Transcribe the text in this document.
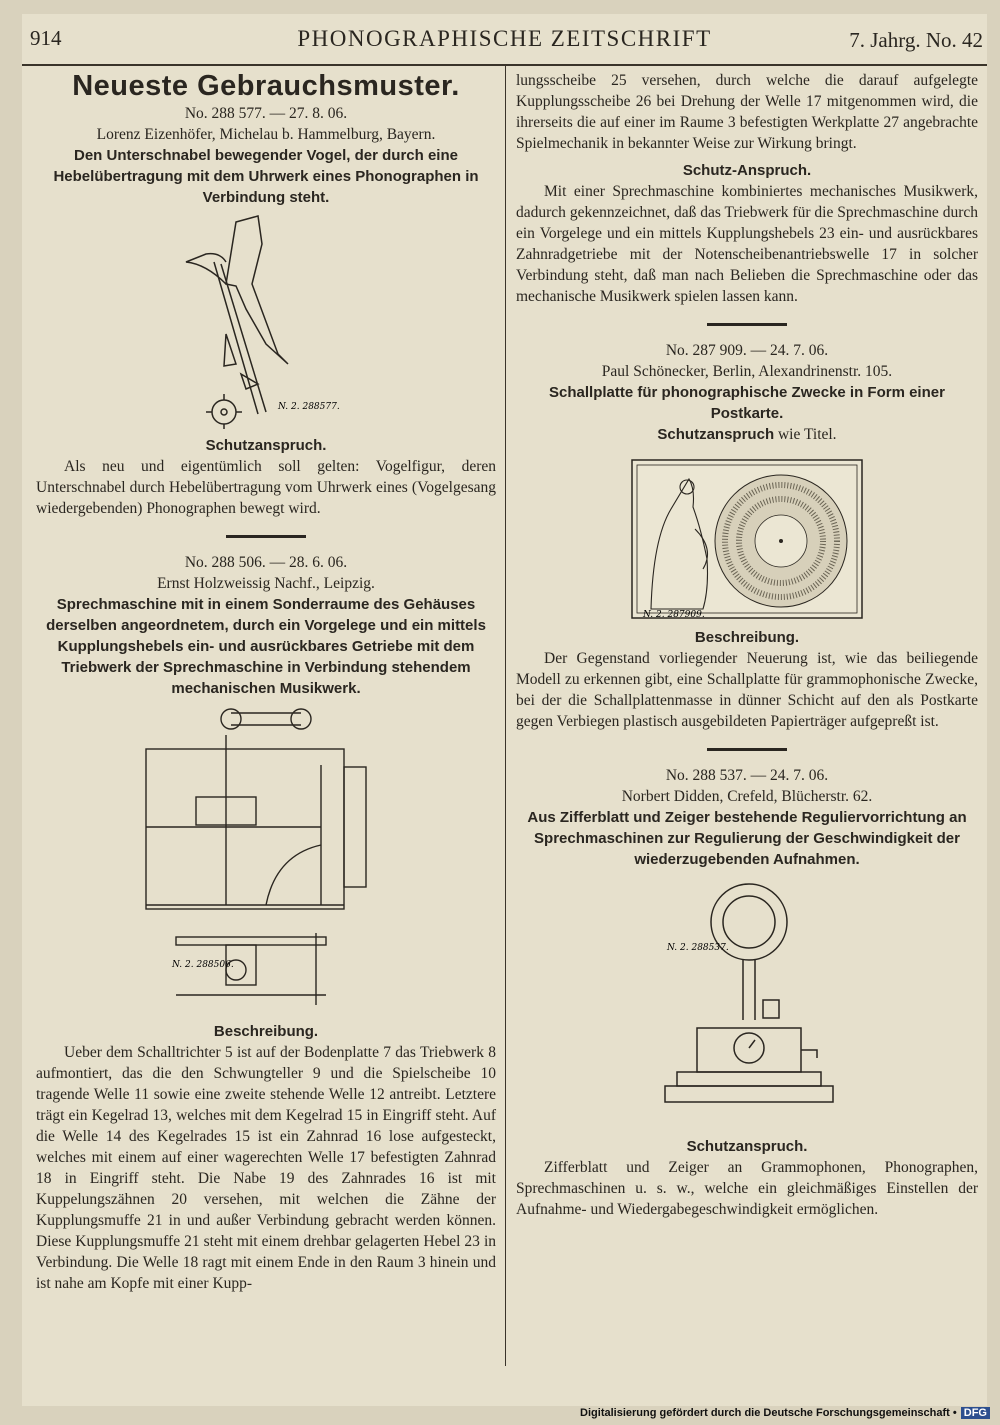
914	PHONOGRAPHISCHE ZEITSCHRIFT	7. Jahrg. No. 42
Neueste Gebrauchsmuster.

No. 288 577. — 27. 8. 06.

Lorenz Eizenhöfer, Michelau b. Hammelburg, Bayern.

Den Unterschnabel bewegender Vogel, der durch eine Hebelübertragung mit dem Uhrwerk eines Phonographen in Verbindung steht.

N. 2. 288577.

Schutzanspruch.

Als neu und eigentümlich soll gelten: Vogelfigur, deren Unterschnabel durch Hebelübertragung vom Uhrwerk eines (Vogelgesang wiedergebenden) Phonographen bewegt wird.

No. 288 506. — 28. 6. 06.

Ernst Holzweissig Nachf., Leipzig.

Sprechmaschine mit in einem Sonderraume des Gehäuses derselben angeordnetem, durch ein Vorgelege und ein mittels Kupplungshebels ein- und ausrückbares Getriebe mit dem Triebwerk der Sprechmaschine in Verbindung stehendem mechanischen Musikwerk.

N. 2. 288506.

Beschreibung.

Ueber dem Schalltrichter 5 ist auf der Bodenplatte 7 das Triebwerk 8 aufmontiert, das die den Schwungteller 9 und die Spielscheibe 10 tragende Welle 11 sowie eine zweite stehende Welle 12 antreibt. Letztere trägt ein Kegelrad 13, welches mit dem Kegelrad 15 in Eingriff steht. Auf die Welle 14 des Kegelrades 15 ist ein Zahnrad 16 lose aufgesteckt, welches mit einem auf einer wagerechten Welle 17 befestigten Zahnrad 18 in Eingriff steht. Die Nabe 19 des Zahnrades 16 ist mit Kuppelungszähnen 20 versehen, mit welchen die Zähne der Kupplungsmuffe 21 in und außer Verbindung gebracht werden können. Diese Kupplungsmuffe 21 steht mit einem drehbar gelagerten Hebel 23 in Verbindung. Die Welle 18 ragt mit einem Ende in den Raum 3 hinein und ist nahe am Kopfe mit einer Kupp-

lungsscheibe 25 versehen, durch welche die darauf aufgelegte Kupplungsscheibe 26 bei Drehung der Welle 17 mitgenommen wird, die ihrerseits die auf einer im Raume 3 befestigten Werkplatte 27 angebrachte Spielmechanik in bekannter Weise zur Wirkung bringt.

Schutz-Anspruch.

Mit einer Sprechmaschine kombiniertes mechanisches Musikwerk, dadurch gekennzeichnet, daß das Triebwerk für die Sprechmaschine durch ein Vorgelege und ein mittels Kupplungshebels 23 ein- und ausrückbares Zahnradgetriebe mit der Notenscheibenantriebswelle 17 in solcher Verbindung steht, daß man nach Belieben die Sprechmaschine oder das mechanische Musikwerk spielen lassen kann.

No. 287 909. — 24. 7. 06.

Paul Schönecker, Berlin, Alexandrinenstr. 105.

Schallplatte für phonographische Zwecke in Form einer Postkarte.

Schutzanspruch wie Titel.

N. 2. 287909.

Beschreibung.

Der Gegenstand vorliegender Neuerung ist, wie das beiliegende Modell zu erkennen gibt, eine Schallplatte für grammophonische Zwecke, bei der die Schallplattenmasse in dünner Schicht auf den als Postkarte gegen Verbiegen plastisch ausgebildeten Papierträger aufgepreßt ist.

No. 288 537. — 24. 7. 06.

Norbert Didden, Crefeld, Blücherstr. 62.

Aus Zifferblatt und Zeiger bestehende Reguliervorrichtung an Sprechmaschinen zur Regulierung der Geschwindigkeit der wiederzugebenden Aufnahmen.

N. 2. 288537.

Schutzanspruch.

Zifferblatt und Zeiger an Grammophonen, Phonographen, Sprechmaschinen u. s. w., welche ein gleichmäßiges Einstellen der Aufnahme- und Wiedergabegeschwindigkeit ermöglichen.

Digitalisierung gefördert durch die Deutsche Forschungsgemeinschaft • DFG
